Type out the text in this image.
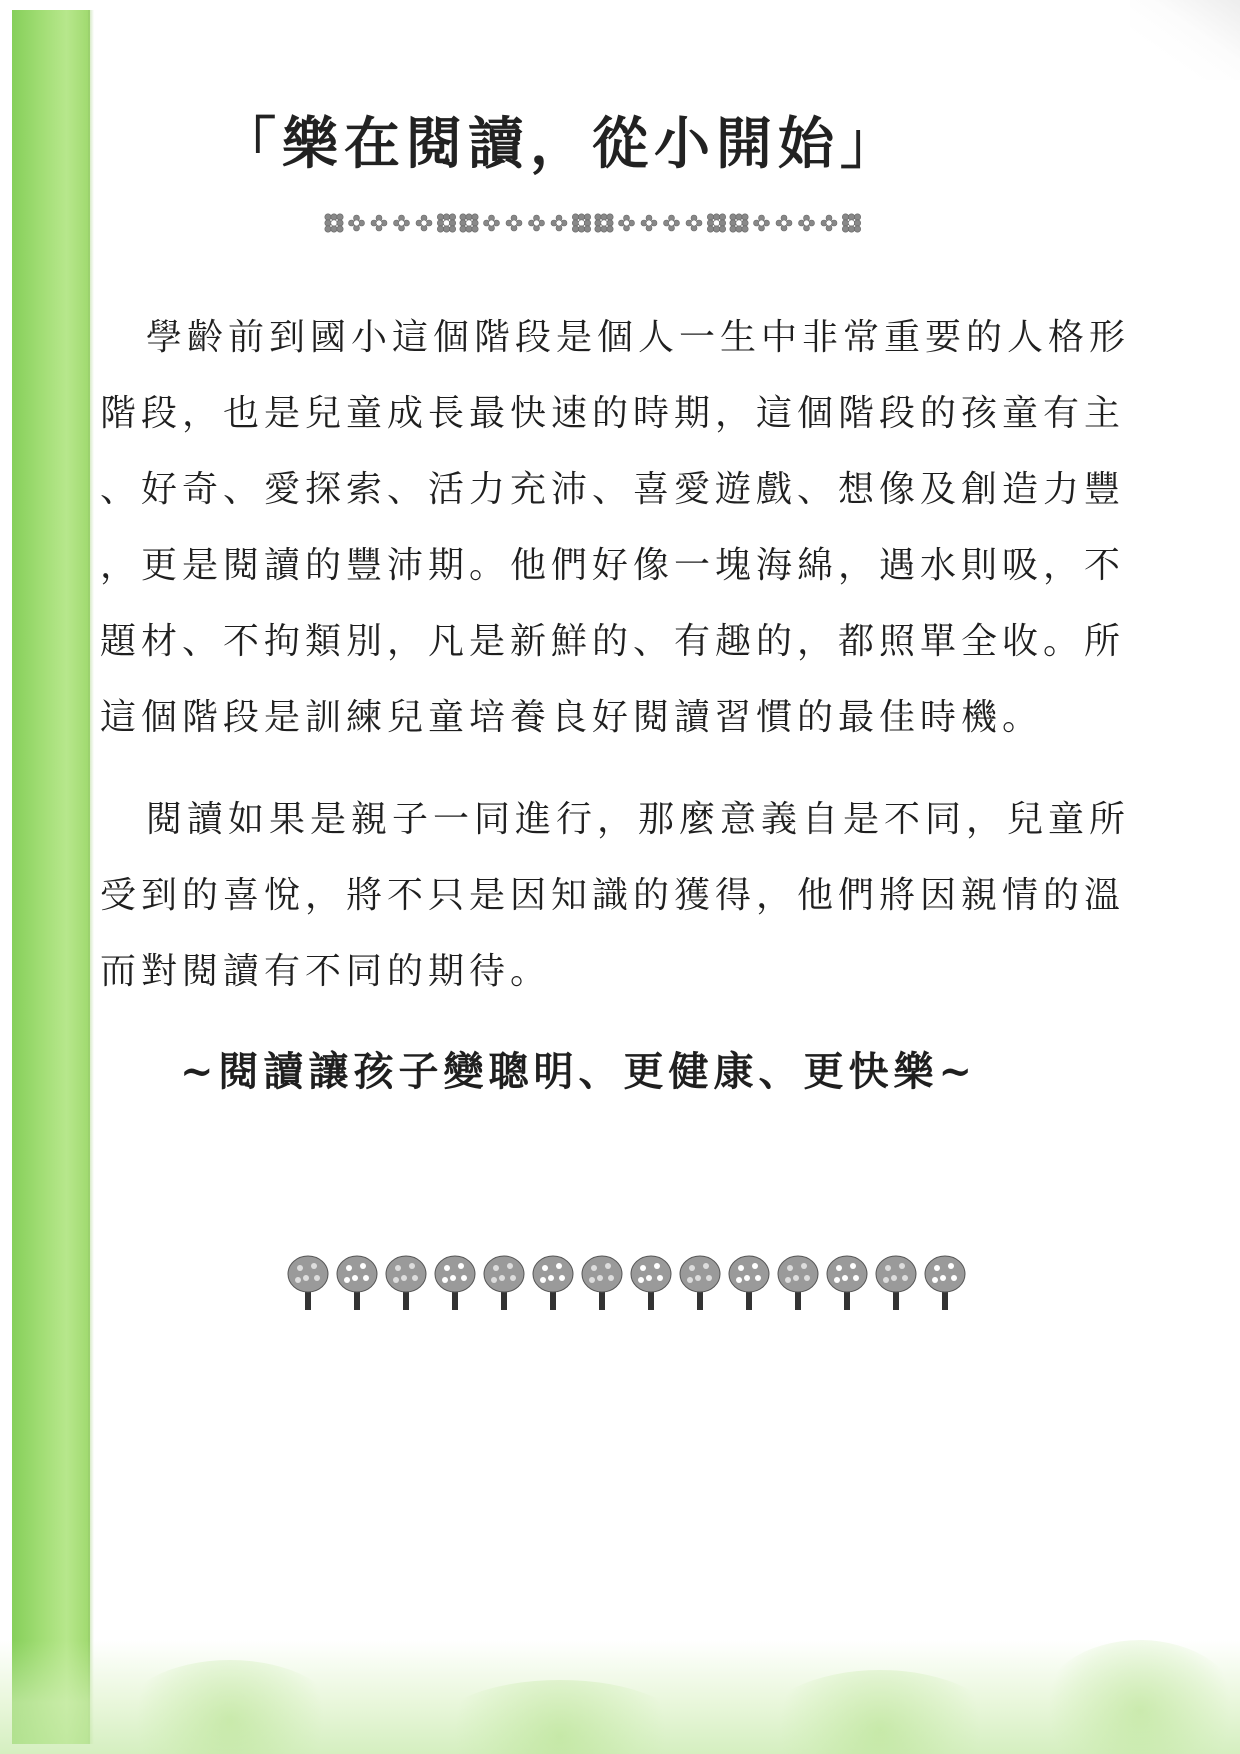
「樂在閱讀，從小開始」
學齡前到國小這個階段是個人一生中非常重要的人格形
階段，也是兒童成長最快速的時期，這個階段的孩童有主
、好奇、愛探索、活力充沛、喜愛遊戲、想像及創造力豐
，更是閱讀的豐沛期。他們好像一塊海綿，遇水則吸，不
題材、不拘類別，凡是新鮮的、有趣的，都照單全收。所
這個階段是訓練兒童培養良好閱讀習慣的最佳時機。
閱讀如果是親子一同進行，那麼意義自是不同，兒童所
受到的喜悅，將不只是因知識的獲得，他們將因親情的溫
而對閱讀有不同的期待。
~閱讀讓孩子變聰明、更健康、更快樂~
